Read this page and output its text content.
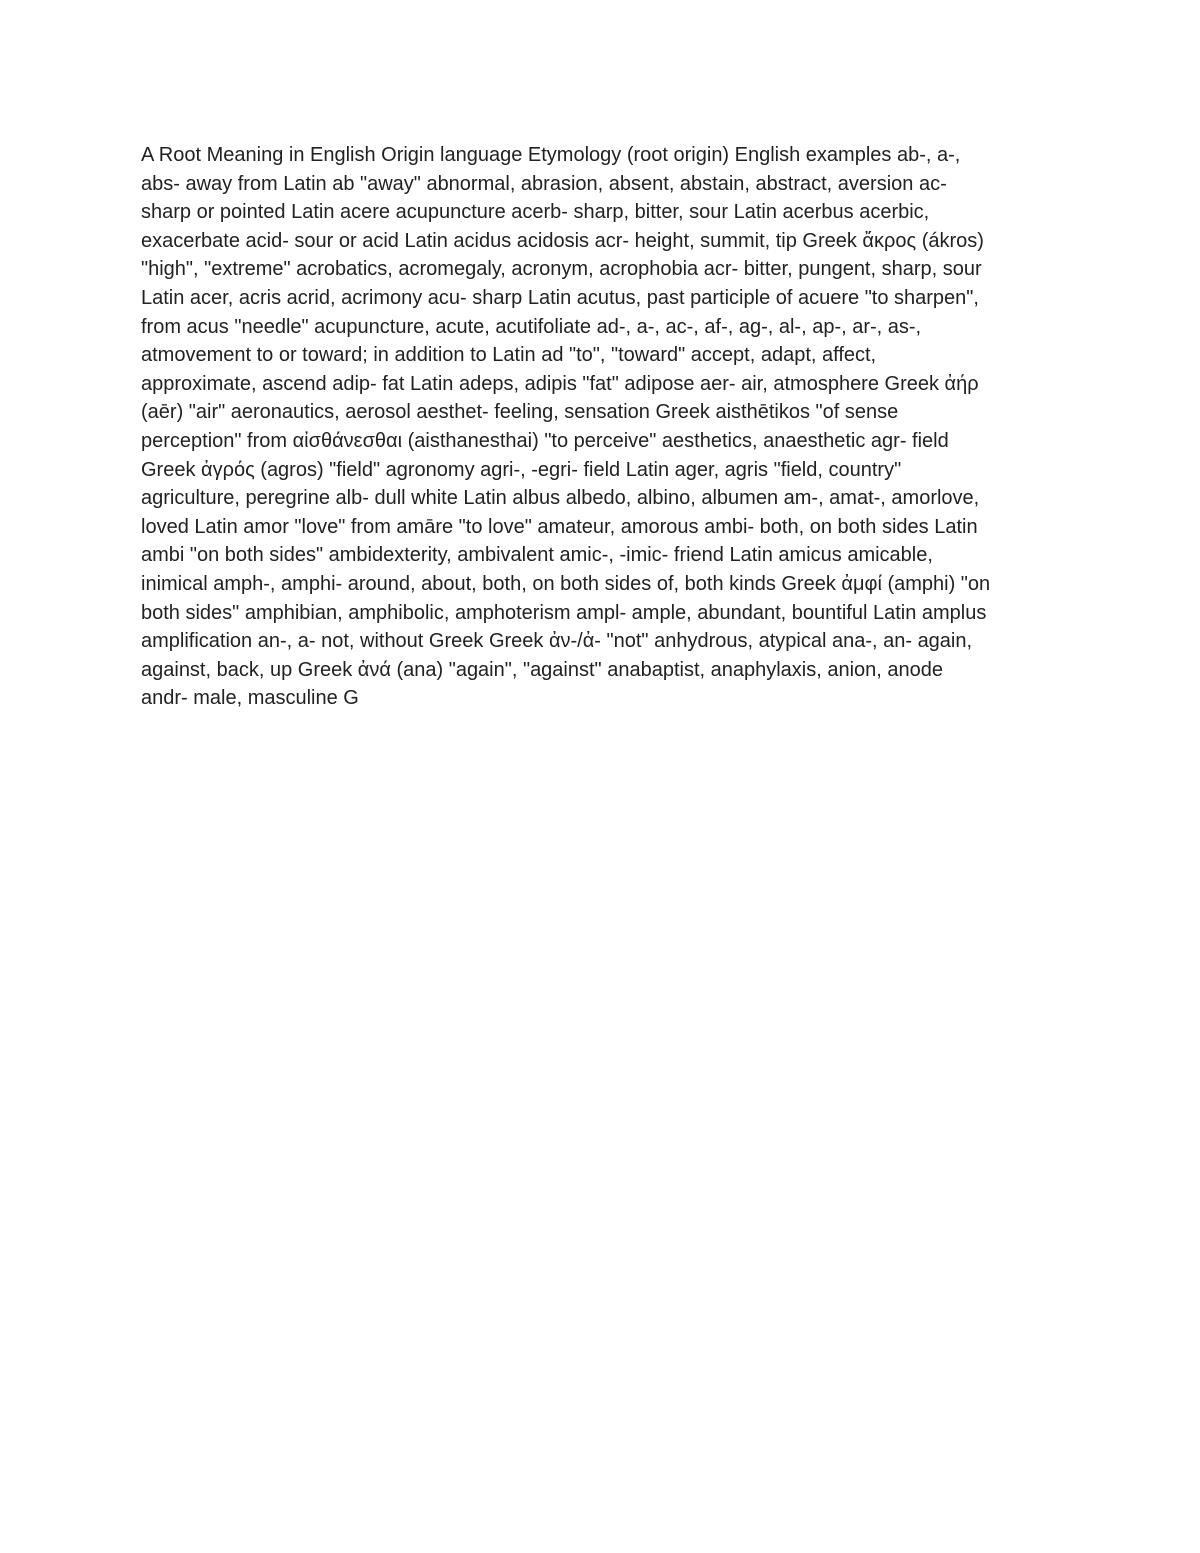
A Root Meaning in English Origin language Etymology (root origin) English examples ab-, a-,
abs- away from Latin ab "away" abnormal, abrasion, absent, abstain, abstract, aversion ac-
sharp or pointed Latin acere acupuncture acerb- sharp, bitter, sour Latin acerbus acerbic,
exacerbate acid- sour or acid Latin acidus acidosis acr- height, summit, tip Greek ἄκρος (ákros)
"high", "extreme" acrobatics, acromegaly, acronym, acrophobia acr- bitter, pungent, sharp, sour
Latin acer, acris acrid, acrimony acu- sharp Latin acutus, past participle of acuere "to sharpen",
from acus "needle" acupuncture, acute, acutifoliate ad-, a-, ac-, af-, ag-, al-, ap-, ar-, as-,
atmovement to or toward; in addition to Latin ad "to", "toward" accept, adapt, affect,
approximate, ascend adip- fat Latin adeps, adipis "fat" adipose aer- air, atmosphere Greek ἀήρ
(aēr) "air" aeronautics, aerosol aesthet- feeling, sensation Greek aisthētikos "of sense
perception" from αἰσθάνεσθαι (aisthanesthai) "to perceive" aesthetics, anaesthetic agr- field
Greek ἀγρός (agros) "field" agronomy agri-, -egri- field Latin ager, agris "field, country"
agriculture, peregrine alb- dull white Latin albus albedo, albino, albumen am-, amat-, amorlove,
loved Latin amor "love" from amāre "to love" amateur, amorous ambi- both, on both sides Latin
ambi "on both sides" ambidexterity, ambivalent amic-, -imic- friend Latin amicus amicable,
inimical amph-, amphi- around, about, both, on both sides of, both kinds Greek ἀμφί (amphi) "on
both sides" amphibian, amphibolic, amphoterism ampl- ample, abundant, bountiful Latin amplus
amplification an-, a- not, without Greek Greek ἀν-/ἀ- "not" anhydrous, atypical ana-, an- again,
against, back, up Greek ἀνά (ana) "again", "against" anabaptist, anaphylaxis, anion, anode
andr- male, masculine G
